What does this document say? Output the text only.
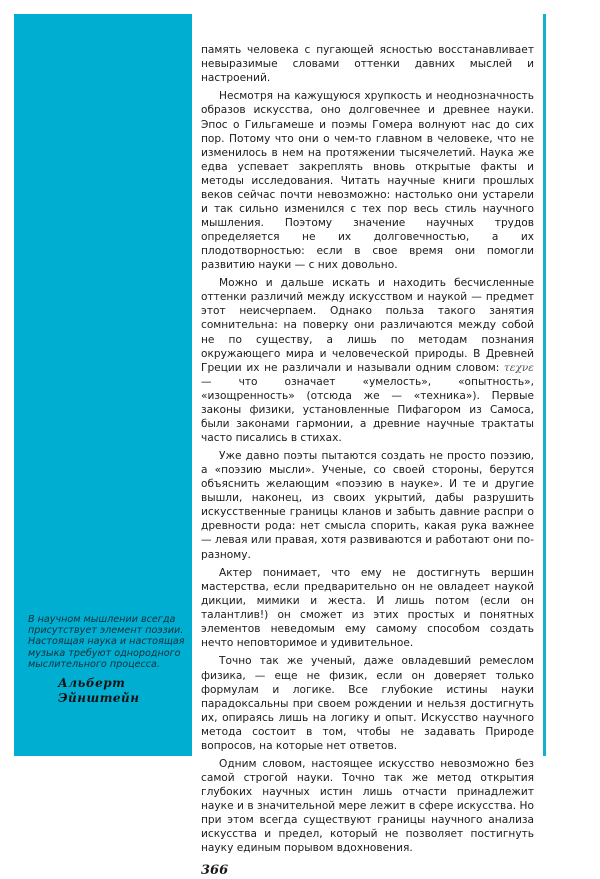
В научном мышлении всегда присутствует элемент поэзии. Настоящая наука и настоящая музыка требуют однородного мыслительного процесса.
Альберт Эйнштейн

память человека с пугающей ясностью восстанавливает невыразимые словами оттенки давних мыслей и настроений.

Несмотря на кажущуюся хрупкость и неоднозначность образов искусства, оно долговечнее и древнее науки. Эпос о Гильгамеше и поэмы Гомера волнуют нас до сих пор. Потому что они о чем-то главном в человеке, что не изменилось в нем на протяжении тысячелетий. Наука же едва успевает закреплять вновь открытые факты и методы исследования. Читать научные книги прошлых веков сейчас почти невозможно: настолько они устарели и так сильно изменился с тех пор весь стиль научного мышления. Поэтому значение научных трудов определяется не их долговечностью, а их плодотворностью: если в свое время они помогли развитию науки — с них довольно.

Можно и дальше искать и находить бесчисленные оттенки различий между искусством и наукой — предмет этот неисчерпаем. Однако польза такого занятия сомнительна: на поверку они различаются между собой не по существу, а лишь по методам познания окружающего мира и человеческой природы. В Древней Греции их не различали и называли одним словом: τεχνε — что означает «умелость», «опытность», «изощренность» (отсюда же — «техника»). Первые законы физики, установленные Пифагором из Самоса, были законами гармонии, а древние научные трактаты часто писались в стихах.

Уже давно поэты пытаются создать не просто поэзию, а «поэзию мысли». Ученые, со своей стороны, берутся объяснить желающим «поэзию в науке». И те и другие вышли, наконец, из своих укрытий, дабы разрушить искусственные границы кланов и забыть давние распри о древности рода: нет смысла спорить, какая рука важнее — левая или правая, хотя развиваются и работают они по-разному.

Актер понимает, что ему не достигнуть вершин мастерства, если предварительно он не овладеет наукой дикции, мимики и жеста. И лишь потом (если он талантлив!) он сможет из этих простых и понятных элементов неведомым ему самому способом создать нечто неповторимое и удивительное.

Точно так же ученый, даже овладевший ремеслом физика, — еще не физик, если он доверяет только формулам и логике. Все глубокие истины науки парадоксальны при своем рождении и нельзя достигнуть их, опираясь лишь на логику и опыт. Искусство научного метода состоит в том, чтобы не задавать Природе вопросов, на которые нет ответов.

Одним словом, настоящее искусство невозможно без самой строгой науки. Точно так же метод открытия глубоких научных истин лишь отчасти принадлежит науке и в значительной мере лежит в сфере искусства. Но при этом всегда существуют границы научного анализа искусства и предел, который не позволяет постигнуть науку единым порывом вдохновения.

366
